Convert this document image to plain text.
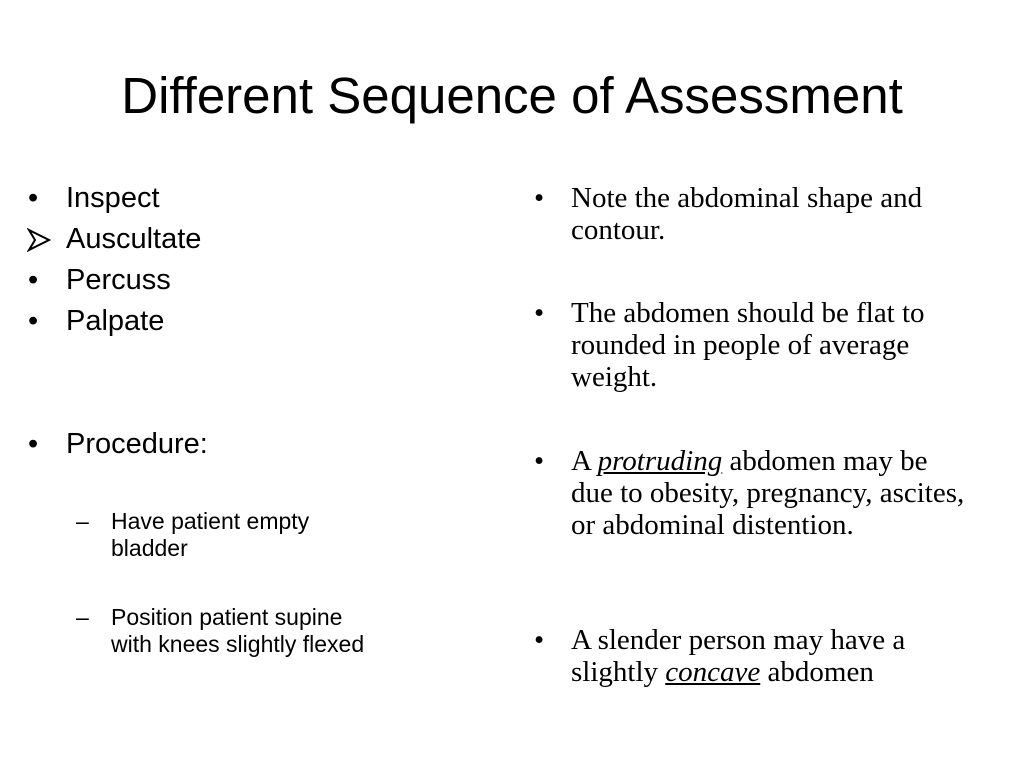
Different Sequence of Assessment
• Inspect
Auscultate
• Percuss
• Palpate
• Procedure:
– Have patient empty
bladder
– Position patient supine
with knees slightly flexed
• Note the abdominal shape and contour.
• The abdomen should be flat to rounded in people of average weight.
• A protruding abdomen may be due to obesity, pregnancy, ascites, or abdominal distention.
• A slender person may have a slightly concave abdomen
